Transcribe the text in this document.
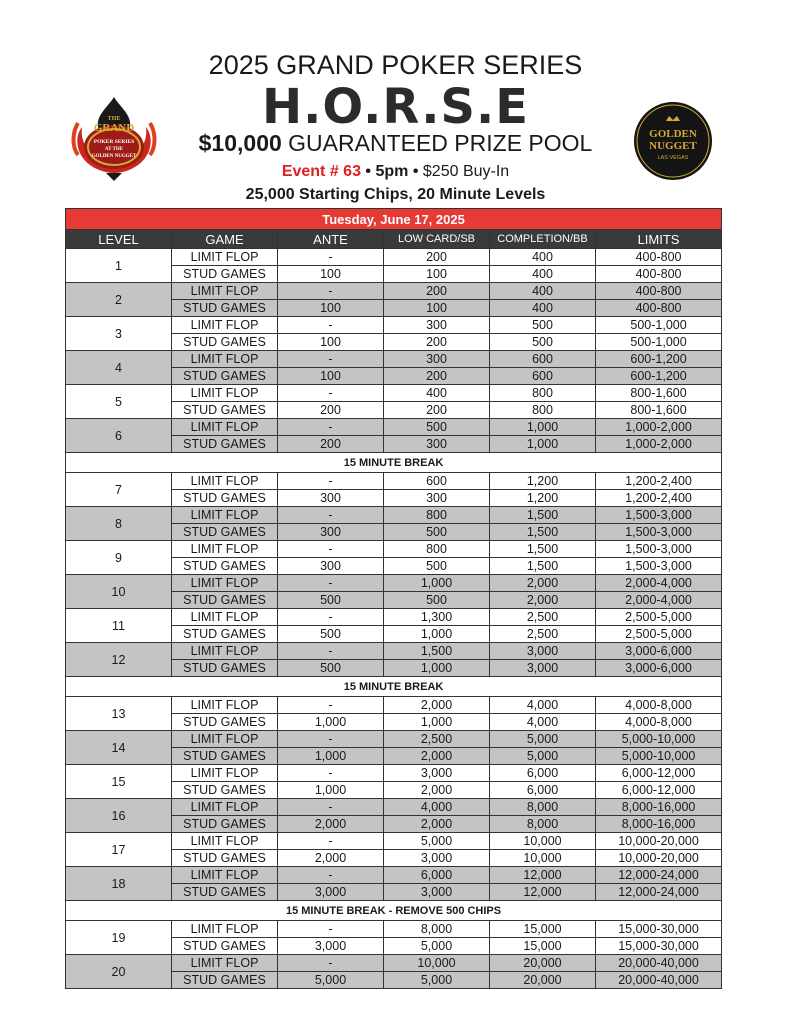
THE
GRAND
POKER SERIES
AT THE
GOLDEN NUGGET
GOLDEN
NUGGET
LAS VEGAS
2025 GRAND POKER SERIES
H.O.R.S.E
$10,000 GUARANTEED PRIZE POOL
Event # 63 • 5pm • $250 Buy-In
25,000 Starting Chips, 20 Minute Levels
Tuesday, June 17, 2025					
LEVEL	GAME	ANTE	LOW CARD/SB	COMPLETION/BB	LIMITS
1	LIMIT FLOP	-	200	400	400-800
	STUD GAMES	100	100	400	400-800
2	LIMIT FLOP	-	200	400	400-800
	STUD GAMES	100	100	400	400-800
3	LIMIT FLOP	-	300	500	500-1,000
	STUD GAMES	100	200	500	500-1,000
4	LIMIT FLOP	-	300	600	600-1,200
	STUD GAMES	100	200	600	600-1,200
5	LIMIT FLOP	-	400	800	800-1,600
	STUD GAMES	200	200	800	800-1,600
6	LIMIT FLOP	-	500	1,000	1,000-2,000
	STUD GAMES	200	300	1,000	1,000-2,000
15 MINUTE BREAK					
7	LIMIT FLOP	-	600	1,200	1,200-2,400
	STUD GAMES	300	300	1,200	1,200-2,400
8	LIMIT FLOP	-	800	1,500	1,500-3,000
	STUD GAMES	300	500	1,500	1,500-3,000
9	LIMIT FLOP	-	800	1,500	1,500-3,000
	STUD GAMES	300	500	1,500	1,500-3,000
10	LIMIT FLOP	-	1,000	2,000	2,000-4,000
	STUD GAMES	500	500	2,000	2,000-4,000
11	LIMIT FLOP	-	1,300	2,500	2,500-5,000
	STUD GAMES	500	1,000	2,500	2,500-5,000
12	LIMIT FLOP	-	1,500	3,000	3,000-6,000
	STUD GAMES	500	1,000	3,000	3,000-6,000
15 MINUTE BREAK					
13	LIMIT FLOP	-	2,000	4,000	4,000-8,000
	STUD GAMES	1,000	1,000	4,000	4,000-8,000
14	LIMIT FLOP	-	2,500	5,000	5,000-10,000
	STUD GAMES	1,000	2,000	5,000	5,000-10,000
15	LIMIT FLOP	-	3,000	6,000	6,000-12,000
	STUD GAMES	1,000	2,000	6,000	6,000-12,000
16	LIMIT FLOP	-	4,000	8,000	8,000-16,000
	STUD GAMES	2,000	2,000	8,000	8,000-16,000
17	LIMIT FLOP	-	5,000	10,000	10,000-20,000
	STUD GAMES	2,000	3,000	10,000	10,000-20,000
18	LIMIT FLOP	-	6,000	12,000	12,000-24,000
	STUD GAMES	3,000	3,000	12,000	12,000-24,000
15 MINUTE BREAK - REMOVE 500 CHIPS					
19	LIMIT FLOP	-	8,000	15,000	15,000-30,000
	STUD GAMES	3,000	5,000	15,000	15,000-30,000
20	LIMIT FLOP	-	10,000	20,000	20,000-40,000
	STUD GAMES	5,000	5,000	20,000	20,000-40,000
